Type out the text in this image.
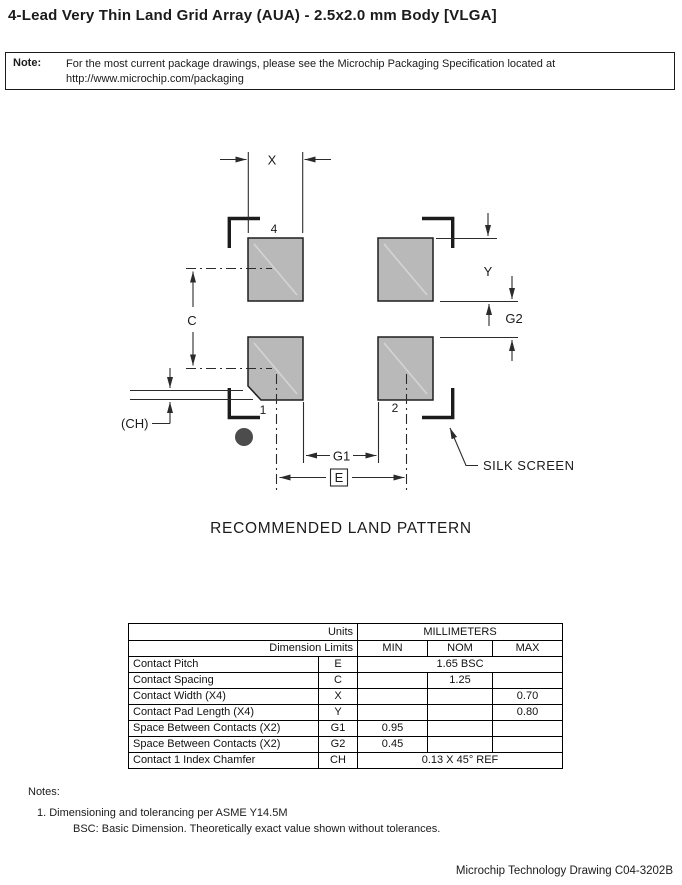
4-Lead Very Thin Land Grid Array (AUA) - 2.5x2.0 mm Body [VLGA]
Note: For the most current package drawings, please see the Microchip Packaging Specification located at
http://www.microchip.com/packaging
4
1	2
X
C
Y
G2
(CH)
G1
E
SILK SCREEN
RECOMMENDED LAND PATTERN
Units		MILLIMETERS		
Dimension Limits		MIN	NOM	MAX
Contact Pitch	E	1.65 BSC		
Contact Spacing	C		1.25	
Contact Width (X4)	X			0.70
Contact Pad Length (X4)	Y			0.80
Space Between Contacts (X2)	G1	0.95		
Space Between Contacts (X2)	G2	0.45		
Contact 1 Index Chamfer	CH	0.13 X 45° REF		
Notes:
1. Dimensioning and tolerancing per ASME Y14.5M
BSC: Basic Dimension. Theoretically exact value shown without tolerances.
Microchip Technology Drawing C04-3202B
